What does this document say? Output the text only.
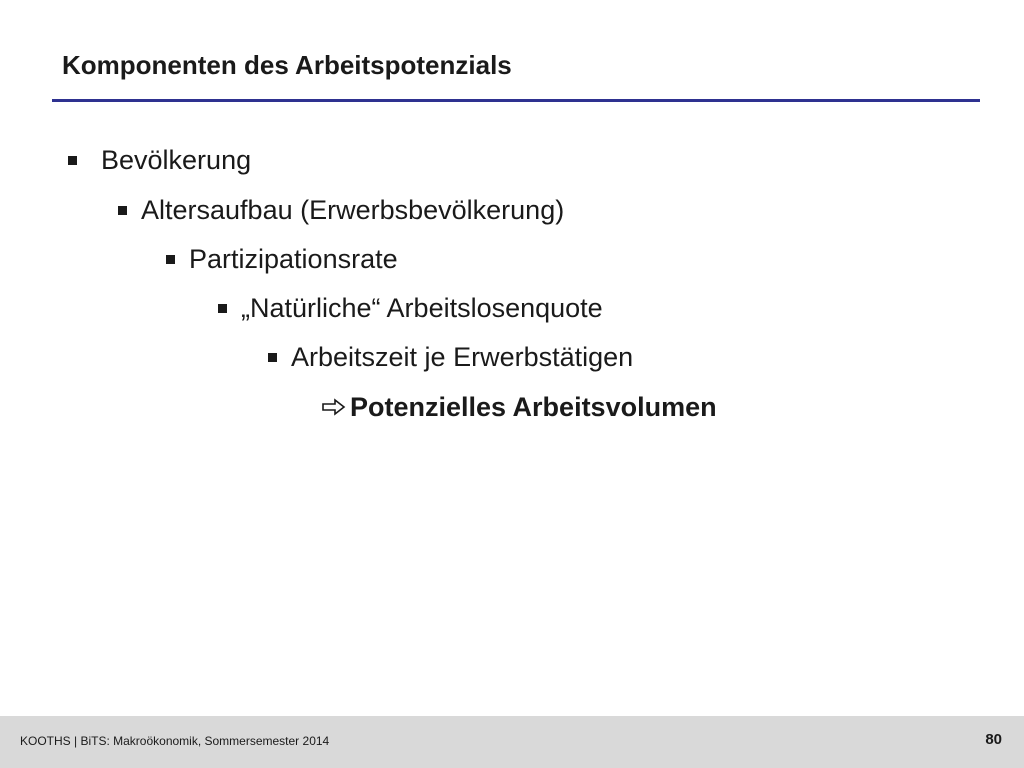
Komponenten des Arbeitspotenzials
Bevölkerung
Altersaufbau (Erwerbsbevölkerung)
Partizipationsrate
„Natürliche“ Arbeitslosenquote
Arbeitszeit je Erwerbstätigen
Potenzielles Arbeitsvolumen
KOOTHS | BiTS: Makroökonomik, Sommersemester 2014	80
